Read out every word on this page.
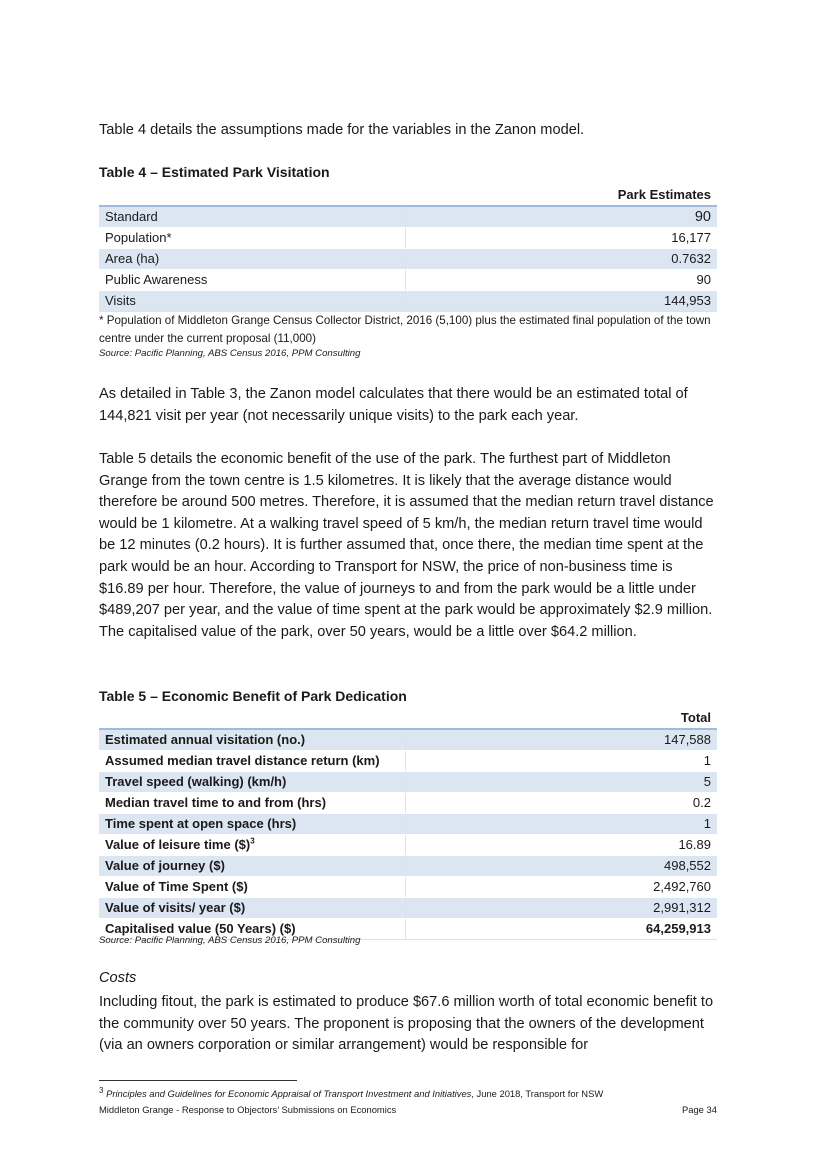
Table 4 details the assumptions made for the variables in the Zanon model.

Table 4 – Estimated Park Visitation

	Park Estimates
Standard	90
Population*	16,177
Area (ha)	0.7632
Public Awareness	90
Visits	144,953

* Population of Middleton Grange Census Collector District, 2016 (5,100) plus the estimated final population of the town centre under the current proposal (11,000)

Source: Pacific Planning, ABS Census 2016, PPM Consulting

As detailed in Table 3, the Zanon model calculates that there would be an estimated total of 144,821 visit per year (not necessarily unique visits) to the park each year.

Table 5 details the economic benefit of the use of the park. The furthest part of Middleton Grange from the town centre is 1.5 kilometres. It is likely that the average distance would therefore be around 500 metres. Therefore, it is assumed that the median return travel distance would be 1 kilometre. At a walking travel speed of 5 km/h, the median return travel time would be 12 minutes (0.2 hours). It is further assumed that, once there, the median time spent at the park would be an hour. According to Transport for NSW, the price of non-business time is $16.89 per hour. Therefore, the value of journeys to and from the park would be a little under $489,207 per year, and the value of time spent at the park would be approximately $2.9 million. The capitalised value of the park, over 50 years, would be a little over $64.2 million.

Table 5 – Economic Benefit of Park Dedication

	Total
Estimated annual visitation (no.)	147,588
Assumed median travel distance return (km)	1
Travel speed (walking) (km/h)	5
Median travel time to and from (hrs)	0.2
Time spent at open space (hrs)	1
Value of leisure time ($)$^3$	16.89
Value of journey ($)	498,552
Value of Time Spent ($)	2,492,760
Value of visits/ year ($)	2,991,312
Capitalised value (50 Years) ($)	64,259,913

Source: Pacific Planning, ABS Census 2016, PPM Consulting

Costs

Including fitout, the park is estimated to produce $67.6 million worth of total economic benefit to the community over 50 years. The proponent is proposing that the owners of the development (via an owners corporation or similar arrangement) would be responsible for

$^3$ Principles and Guidelines for Economic Appraisal of Transport Investment and Initiatives, June 2018, Transport for NSW

Middleton Grange - Response to Objectors’ Submissions on Economics	Page 34
